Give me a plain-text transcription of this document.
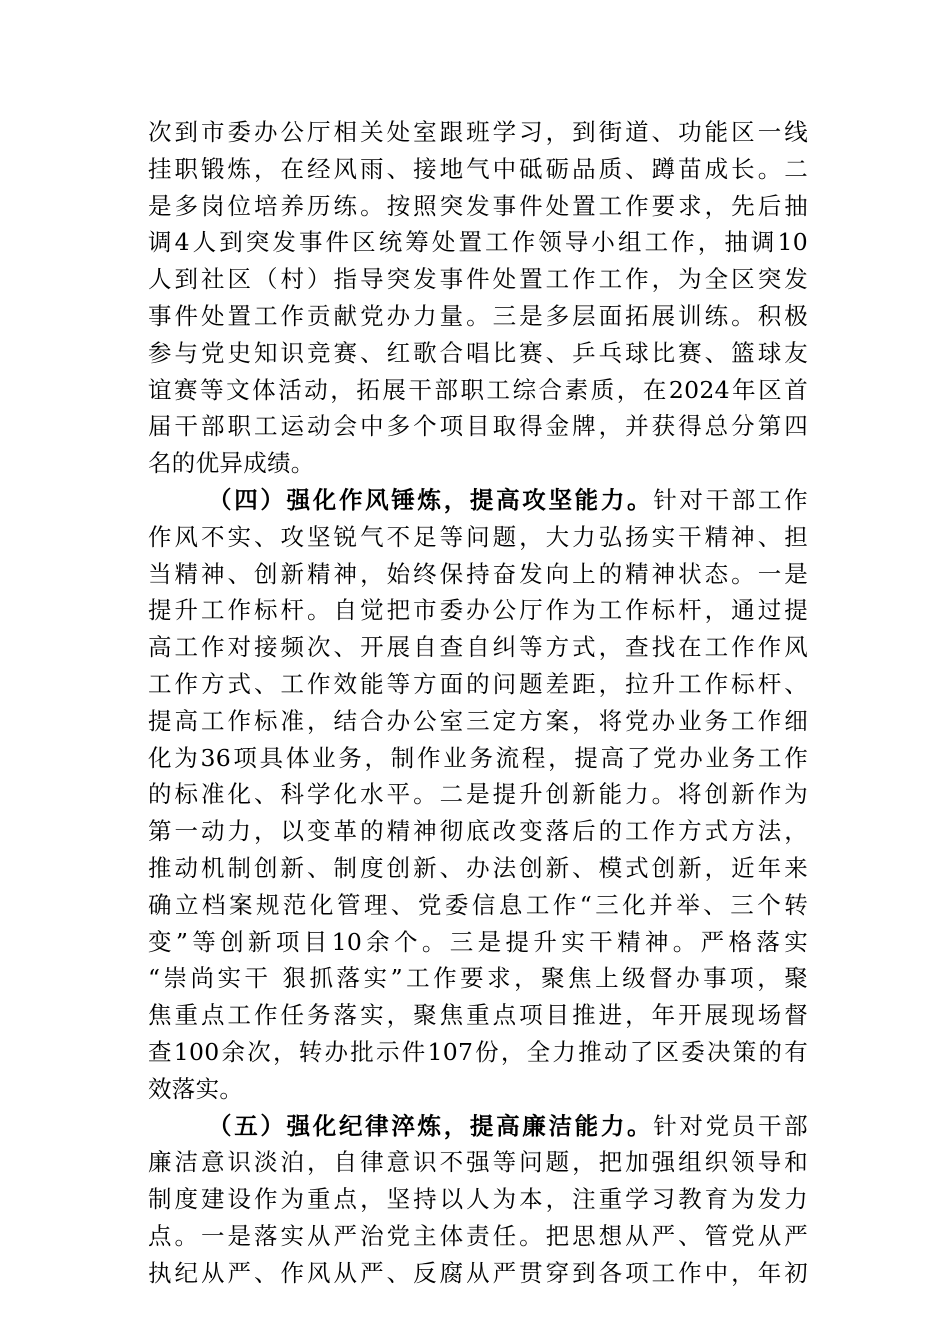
次到市委办公厅相关处室跟班学习，到街道、功能区一线
挂职锻炼，在经风雨、接地气中砥砺品质、蹲苗成长。二
是多岗位培养历练。按照突发事件处置工作要求，先后抽
调4人到突发事件区统筹处置工作领导小组工作，抽调10
人到社区（村）指导突发事件处置工作工作，为全区突发
事件处置工作贡献党办力量。三是多层面拓展训练。积极
参与党史知识竞赛、红歌合唱比赛、乒乓球比赛、篮球友
谊赛等文体活动，拓展干部职工综合素质，在2024年区首
届干部职工运动会中多个项目取得金牌，并获得总分第四
名的优异成绩。
（四）强化作风锤炼，提高攻坚能力。针对干部工作
作风不实、攻坚锐气不足等问题，大力弘扬实干精神、担
当精神、创新精神，始终保持奋发向上的精神状态。一是
提升工作标杆。自觉把市委办公厅作为工作标杆，通过提
高工作对接频次、开展自查自纠等方式，查找在工作作风
工作方式、工作效能等方面的问题差距，拉升工作标杆、
提高工作标准，结合办公室三定方案，将党办业务工作细
化为36项具体业务，制作业务流程，提高了党办业务工作
的标准化、科学化水平。二是提升创新能力。将创新作为
第一动力，以变革的精神彻底改变落后的工作方式方法，
推动机制创新、制度创新、办法创新、模式创新，近年来
确立档案规范化管理、党委信息工作“三化并举、三个转
变”等创新项目10余个。三是提升实干精神。严格落实
“崇尚实干 狠抓落实”工作要求，聚焦上级督办事项，聚
焦重点工作任务落实，聚焦重点项目推进，年开展现场督
查100余次，转办批示件107份，全力推动了区委决策的有
效落实。
（五）强化纪律淬炼，提高廉洁能力。针对党员干部
廉洁意识淡泊，自律意识不强等问题，把加强组织领导和
制度建设作为重点，坚持以人为本，注重学习教育为发力
点。一是落实从严治党主体责任。把思想从严、管党从严
执纪从严、作风从严、反腐从严贯穿到各项工作中，年初
